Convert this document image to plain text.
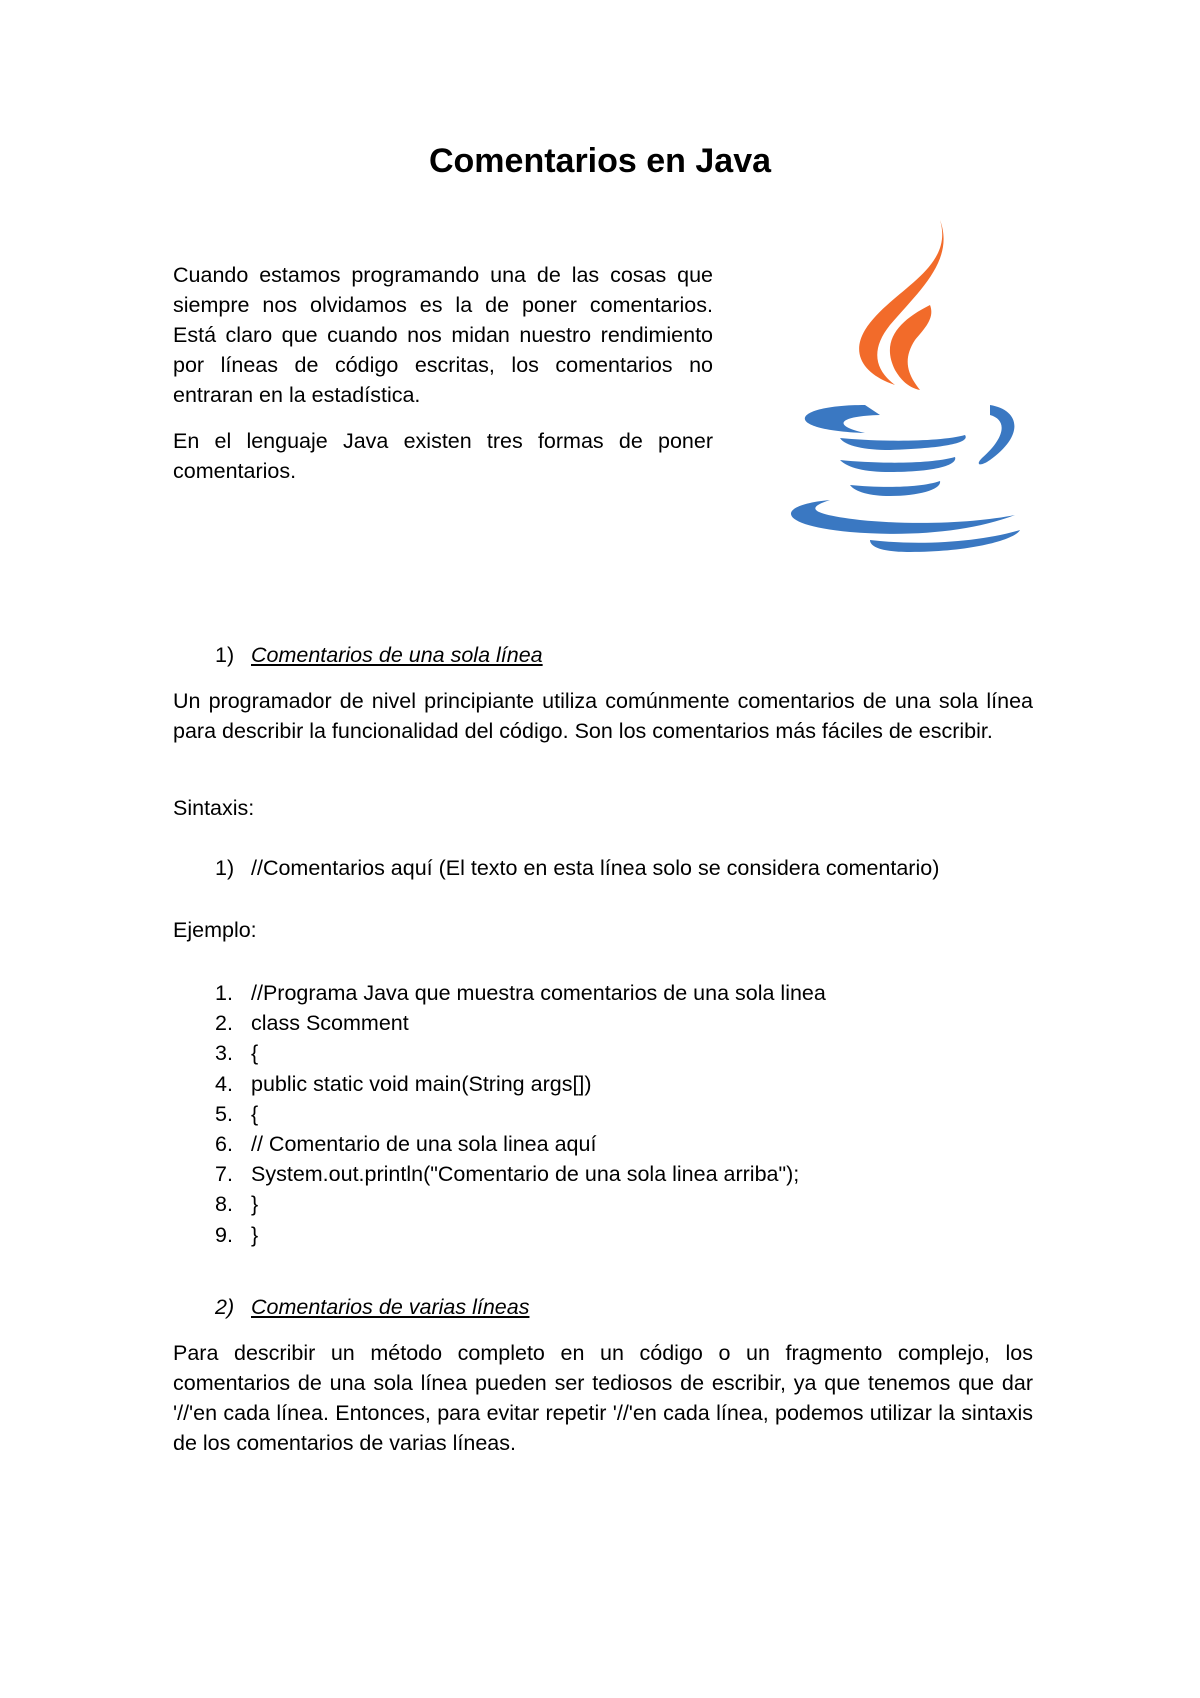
Comentarios en Java

Cuando estamos programando una de las cosas que siempre nos olvidamos es la de poner comentarios. Está claro que cuando nos midan nuestro rendimiento por líneas de código escritas, los comentarios no entraran en la estadística.

En el lenguaje Java existen tres formas de poner comentarios.

1) Comentarios de una sola línea

Un programador de nivel principiante utiliza comúnmente comentarios de una sola línea para describir la funcionalidad del código. Son los comentarios más fáciles de escribir.

Sintaxis:

1) //Comentarios aquí (El texto en esta línea solo se considera comentario)

Ejemplo:

1. //Programa Java que muestra comentarios de una sola linea
2. class Scomment
3. {
4. public static void main(String args[])
5. {
6. // Comentario de una sola linea aquí
7. System.out.println("Comentario de una sola linea arriba");
8. }
9. }

2) Comentarios de varias líneas

Para describir un método completo en un código o un fragmento complejo, los comentarios de una sola línea pueden ser tediosos de escribir, ya que tenemos que dar '//'en cada línea. Entonces, para evitar repetir '//'en cada línea, podemos utilizar la sintaxis de los comentarios de varias líneas.
